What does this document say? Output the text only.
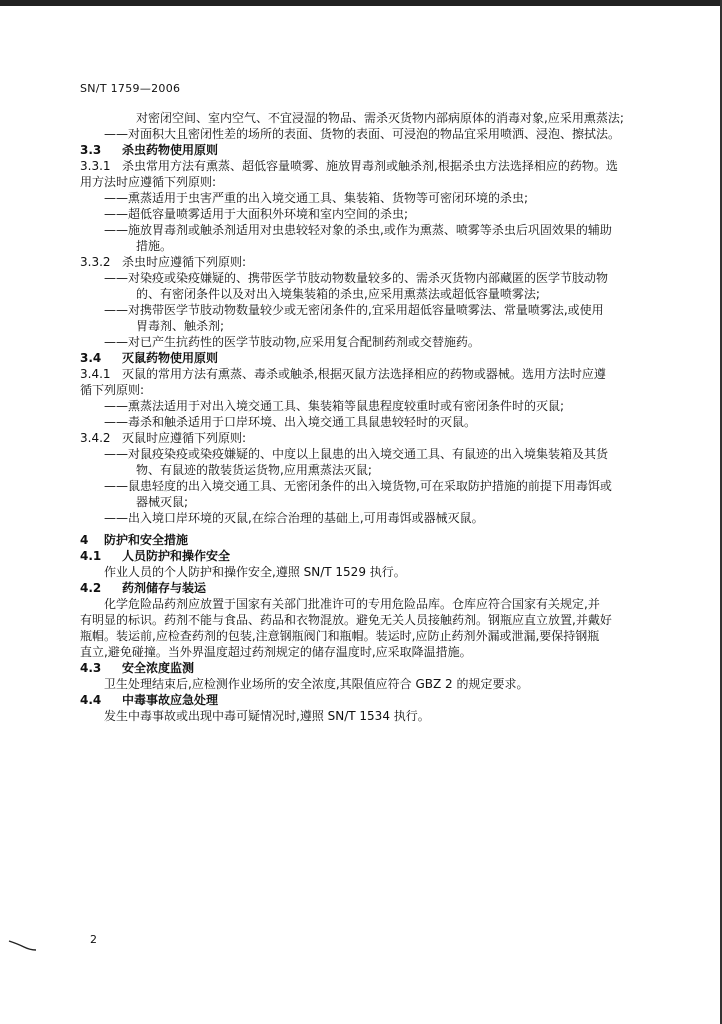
SN/T 1759—2006

对密闭空间、室内空气、不宜浸湿的物品、需杀灭货物内部病原体的消毒对象,应采用熏蒸法;

——对面积大且密闭性差的场所的表面、货物的表面、可浸泡的物品宜采用喷洒、浸泡、擦拭法。

3.3 杀虫药物使用原则

3.3.1 杀虫常用方法有熏蒸、超低容量喷雾、施放胃毒剂或触杀剂,根据杀虫方法选择相应的药物。选

用方法时应遵循下列原则:

——熏蒸适用于虫害严重的出入境交通工具、集装箱、货物等可密闭环境的杀虫;

——超低容量喷雾适用于大面积外环境和室内空间的杀虫;

——施放胃毒剂或触杀剂适用对虫患较轻对象的杀虫,或作为熏蒸、喷雾等杀虫后巩固效果的辅助

措施。

3.3.2 杀虫时应遵循下列原则:

——对染疫或染疫嫌疑的、携带医学节肢动物数量较多的、需杀灭货物内部藏匿的医学节肢动物

的、有密闭条件以及对出入境集装箱的杀虫,应采用熏蒸法或超低容量喷雾法;

——对携带医学节肢动物数量较少或无密闭条件的,宜采用超低容量喷雾法、常量喷雾法,或使用

胃毒剂、触杀剂;

——对已产生抗药性的医学节肢动物,应采用复合配制药剂或交替施药。

3.4 灭鼠药物使用原则

3.4.1 灭鼠的常用方法有熏蒸、毒杀或触杀,根据灭鼠方法选择相应的药物或器械。选用方法时应遵

循下列原则:

——熏蒸法适用于对出入境交通工具、集装箱等鼠患程度较重时或有密闭条件时的灭鼠;

——毒杀和触杀适用于口岸环境、出入境交通工具鼠患较轻时的灭鼠。

3.4.2 灭鼠时应遵循下列原则:

——对鼠疫染疫或染疫嫌疑的、中度以上鼠患的出入境交通工具、有鼠迹的出入境集装箱及其货

物、有鼠迹的散装货运货物,应用熏蒸法灭鼠;

——鼠患轻度的出入境交通工具、无密闭条件的出入境货物,可在采取防护措施的前提下用毒饵或

器械灭鼠;

——出入境口岸环境的灭鼠,在综合治理的基础上,可用毒饵或器械灭鼠。

4 防护和安全措施

4.1 人员防护和操作安全

作业人员的个人防护和操作安全,遵照 SN/T 1529 执行。

4.2 药剂储存与装运

化学危险品药剂应放置于国家有关部门批准许可的专用危险品库。仓库应符合国家有关规定,并

有明显的标识。药剂不能与食品、药品和衣物混放。避免无关人员接触药剂。钢瓶应直立放置,并戴好

瓶帽。装运前,应检查药剂的包装,注意钢瓶阀门和瓶帽。装运时,应防止药剂外漏或泄漏,要保持钢瓶

直立,避免碰撞。当外界温度超过药剂规定的储存温度时,应采取降温措施。

4.3 安全浓度监测

卫生处理结束后,应检测作业场所的安全浓度,其限值应符合 GBZ 2 的规定要求。

4.4 中毒事故应急处理

发生中毒事故或出现中毒可疑情况时,遵照 SN/T 1534 执行。

2
